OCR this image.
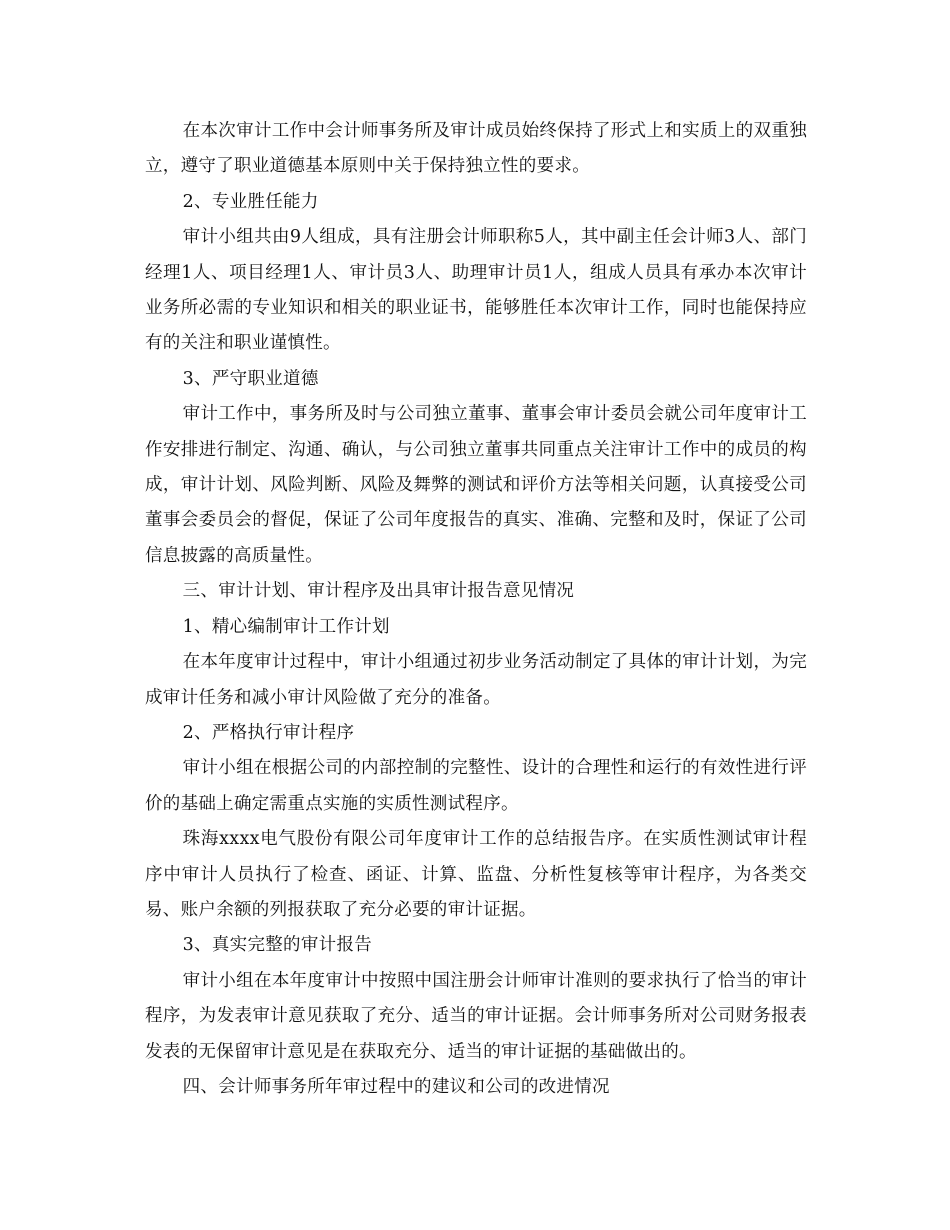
在本次审计工作中会计师事务所及审计成员始终保持了形式上和实质上的双重独立，遵守了职业道德基本原则中关于保持独立性的要求。

2、专业胜任能力

审计小组共由9人组成，具有注册会计师职称5人，其中副主任会计师3人、部门经理1人、项目经理1人、审计员3人、助理审计员1人，组成人员具有承办本次审计业务所必需的专业知识和相关的职业证书，能够胜任本次审计工作，同时也能保持应有的关注和职业谨慎性。

3、严守职业道德

审计工作中，事务所及时与公司独立董事、董事会审计委员会就公司年度审计工作安排进行制定、沟通、确认，与公司独立董事共同重点关注审计工作中的成员的构成，审计计划、风险判断、风险及舞弊的测试和评价方法等相关问题，认真接受公司董事会委员会的督促，保证了公司年度报告的真实、准确、完整和及时，保证了公司信息披露的高质量性。

三、审计计划、审计程序及出具审计报告意见情况

1、精心编制审计工作计划

在本年度审计过程中，审计小组通过初步业务活动制定了具体的审计计划，为完成审计任务和减小审计风险做了充分的准备。

2、严格执行审计程序

审计小组在根据公司的内部控制的完整性、设计的合理性和运行的有效性进行评价的基础上确定需重点实施的实质性测试程序。

珠海xxxx电气股份有限公司年度审计工作的总结报告序。在实质性测试审计程序中审计人员执行了检查、函证、计算、监盘、分析性复核等审计程序，为各类交易、账户余额的列报获取了充分必要的审计证据。

3、真实完整的审计报告

审计小组在本年度审计中按照中国注册会计师审计准则的要求执行了恰当的审计程序，为发表审计意见获取了充分、适当的审计证据。会计师事务所对公司财务报表发表的无保留审计意见是在获取充分、适当的审计证据的基础做出的。

四、会计师事务所年审过程中的建议和公司的改进情况
